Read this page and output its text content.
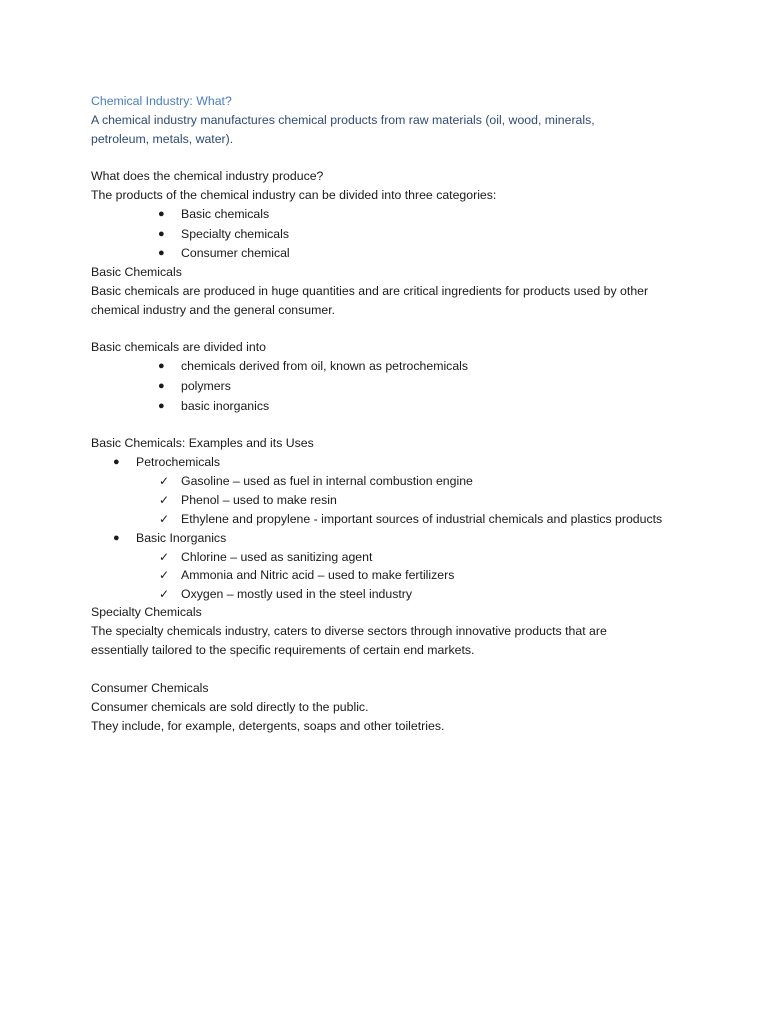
Chemical Industry: What?
A chemical industry manufactures chemical products from raw materials (oil, wood, minerals,
petroleum, metals, water).
What does the chemical industry produce?
The products of the chemical industry can be divided into three categories:
● Basic chemicals
● Specialty chemicals
● Consumer chemical
Basic Chemicals
Basic chemicals are produced in huge quantities and are critical ingredients for products used by other
chemical industry and the general consumer.
Basic chemicals are divided into
● chemicals derived from oil, known as petrochemicals
● polymers
● basic inorganics
Basic Chemicals: Examples and its Uses
● Petrochemicals
✓ Gasoline – used as fuel in internal combustion engine
✓ Phenol – used to make resin
✓ Ethylene and propylene - important sources of industrial chemicals and plastics products
● Basic Inorganics
✓ Chlorine – used as sanitizing agent
✓ Ammonia and Nitric acid – used to make fertilizers
✓ Oxygen – mostly used in the steel industry
Specialty Chemicals
The specialty chemicals industry, caters to diverse sectors through innovative products that are
essentially tailored to the specific requirements of certain end markets.
Consumer Chemicals
Consumer chemicals are sold directly to the public.
They include, for example, detergents, soaps and other toiletries.
